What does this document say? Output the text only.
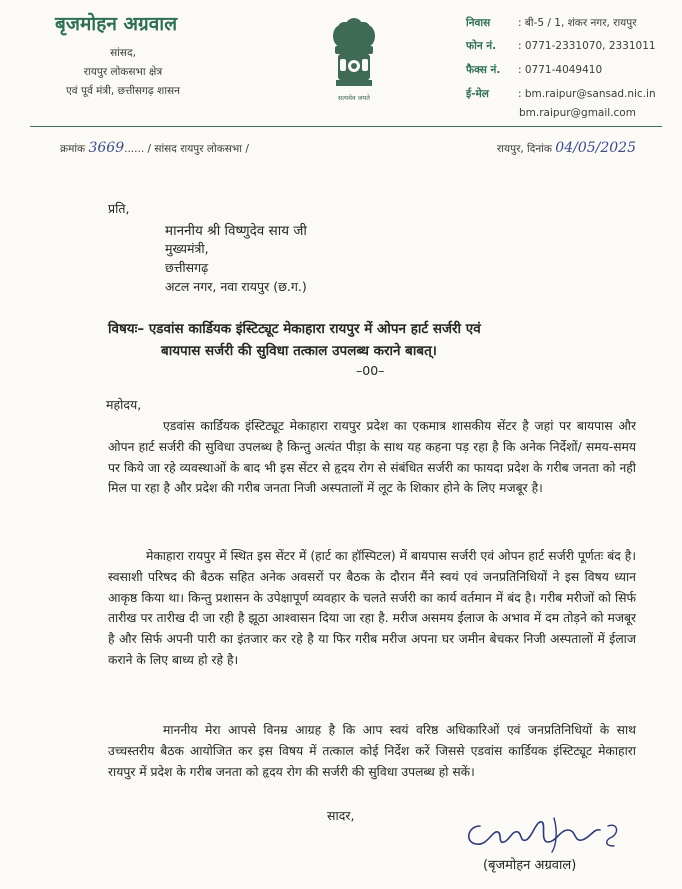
बृजमोहन अग्रवाल
सांसद,
रायपुर लोकसभा क्षेत्र
एवं पूर्व मंत्री, छत्तीसगढ़ शासन
सत्यमेव जयते
निवास	: बी-5 / 1, शंकर नगर, रायपुर
फोन नं. : 0771-2331070, 2331011
फैक्स नं. : 0771-4049410
ई-मेल	: bm.raipur@sansad.nic.in
bm.raipur@gmail.com
क्रमांक 3669...... / सांसद रायपुर लोकसभा /	रायपुर, दिनांक 04/05/2025
प्रति,
माननीय श्री विष्णुदेव साय जी
मुख्यमंत्री,
छत्तीसगढ़
अटल नगर, नवा रायपुर (छ.ग.)
विषयः– एडवांस कार्डियक इंस्टिट्यूट मेकाहारा रायपुर में ओपन हार्ट सर्जरी एवं
बायपास सर्जरी की सुविधा तत्काल उपलब्ध कराने बाबत्।
–00–
महोदय,
एडवांस कार्डियक इंस्टिट्यूट मेकाहारा रायपुर प्रदेश का एकमात्र शासकीय सेंटर है जहां पर बायपास और ओपन हार्ट सर्जरी की सुविधा उपलब्ध है किन्तु अत्यंत पीड़ा के साथ यह कहना पड़ रहा है कि अनेक निर्देशों/ समय-समय पर किये जा रहे व्यवस्थाओं के बाद भी इस सेंटर से हृदय रोग से संबंधित सर्जरी का फायदा प्रदेश के गरीब जनता को नही मिल पा रहा है और प्रदेश की गरीब जनता निजी अस्पतालों में लूट के शिकार होने के लिए मजबूर है।
मेकाहारा रायपुर में स्थित इस सेंटर में (हार्ट का हॉस्पिटल) में बायपास सर्जरी एवं ओपन हार्ट सर्जरी पूर्णतः बंद है। स्वसाशी परिषद की बैठक सहित अनेक अवसरों पर बैठक के दौरान मैंने स्वयं एवं जनप्रतिनिधियों ने इस विषय ध्यान आकृष्ठ किया था। किन्तु प्रशासन के उपेक्षापूर्ण व्यवहार के चलते सर्जरी का कार्य वर्तमान में बंद है। गरीब मरीजों को सिर्फ तारीख पर तारीख दी जा रही है झूठा आश्वासन दिया जा रहा है. मरीज असमय ईलाज के अभाव में दम तोड़ने को मजबूर है और सिर्फ अपनी पारी का इंतजार कर रहे है या फिर गरीब मरीज अपना घर जमीन बेचकर निजी अस्पतालों में ईलाज कराने के लिए बाध्य हो रहे है।
माननीय मेरा आपसे विनम्र आग्रह है कि आप स्वयं वरिष्ठ अधिकारिओं एवं जनप्रतिनिधियों के साथ उच्चस्तरीय बैठक आयोजित कर इस विषय में तत्काल कोई निर्देश करें जिससे एडवांस कार्डियक इंस्टिट्यूट मेकाहारा रायपुर में प्रदेश के गरीब जनता को हृदय रोग की सर्जरी की सुविधा उपलब्ध हो सकें।
सादर,
(बृजमोहन अग्रवाल)
